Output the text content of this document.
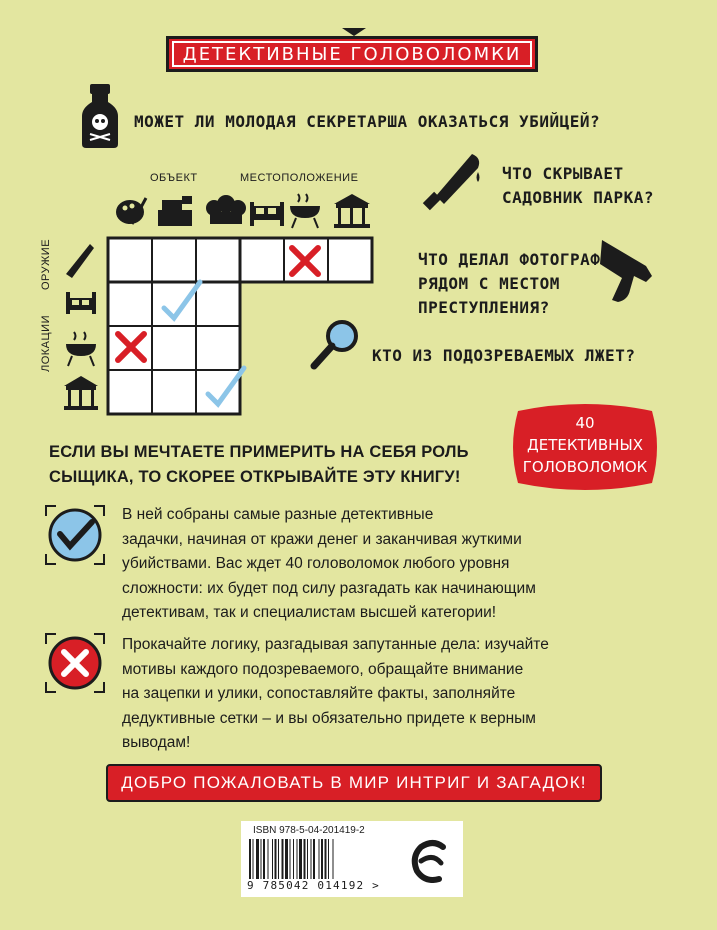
ДЕТЕКТИВНЫЕ ГОЛОВОЛОМКИ
МОЖЕТ ЛИ МОЛОДАЯ СЕКРЕТАРША ОКАЗАТЬСЯ УБИЙЦЕЙ?
ОБЪЕКТ	МЕСТОПОЛОЖЕНИЕ
ОРУЖИЕ
ЛОКАЦИИ
ЧТО СКРЫВАЕТ
САДОВНИК ПАРКА?
ЧТО ДЕЛАЛ ФОТОГРАФ
РЯДОМ С МЕСТОМ
ПРЕСТУПЛЕНИЯ?
КТО ИЗ ПОДОЗРЕВАЕМЫХ ЛЖЕТ?
40
ДЕТЕКТИВНЫХ
ГОЛОВОЛОМОК
ЕСЛИ ВЫ МЕЧТАЕТЕ ПРИМЕРИТЬ НА СЕБЯ РОЛЬ
СЫЩИКА, ТО СКОРЕЕ ОТКРЫВАЙТЕ ЭТУ КНИГУ!
В ней собраны самые разные детективные
задачки, начиная от кражи денег и заканчивая жуткими
убийствами. Вас ждет 40 головоломок любого уровня
сложности: их будет под силу разгадать как начинающим
детективам, так и специалистам высшей категории!
Прокачайте логику, разгадывая запутанные дела: изучайте
мотивы каждого подозреваемого, обращайте внимание
на зацепки и улики, сопоставляйте факты, заполняйте
дедуктивные сетки – и вы обязательно придете к верным
выводам!
ДОБРО ПОЖАЛОВАТЬ В МИР ИНТРИГ И ЗАГАДОК!
ISBN 978-5-04-201419-2
9 785042 014192 >
